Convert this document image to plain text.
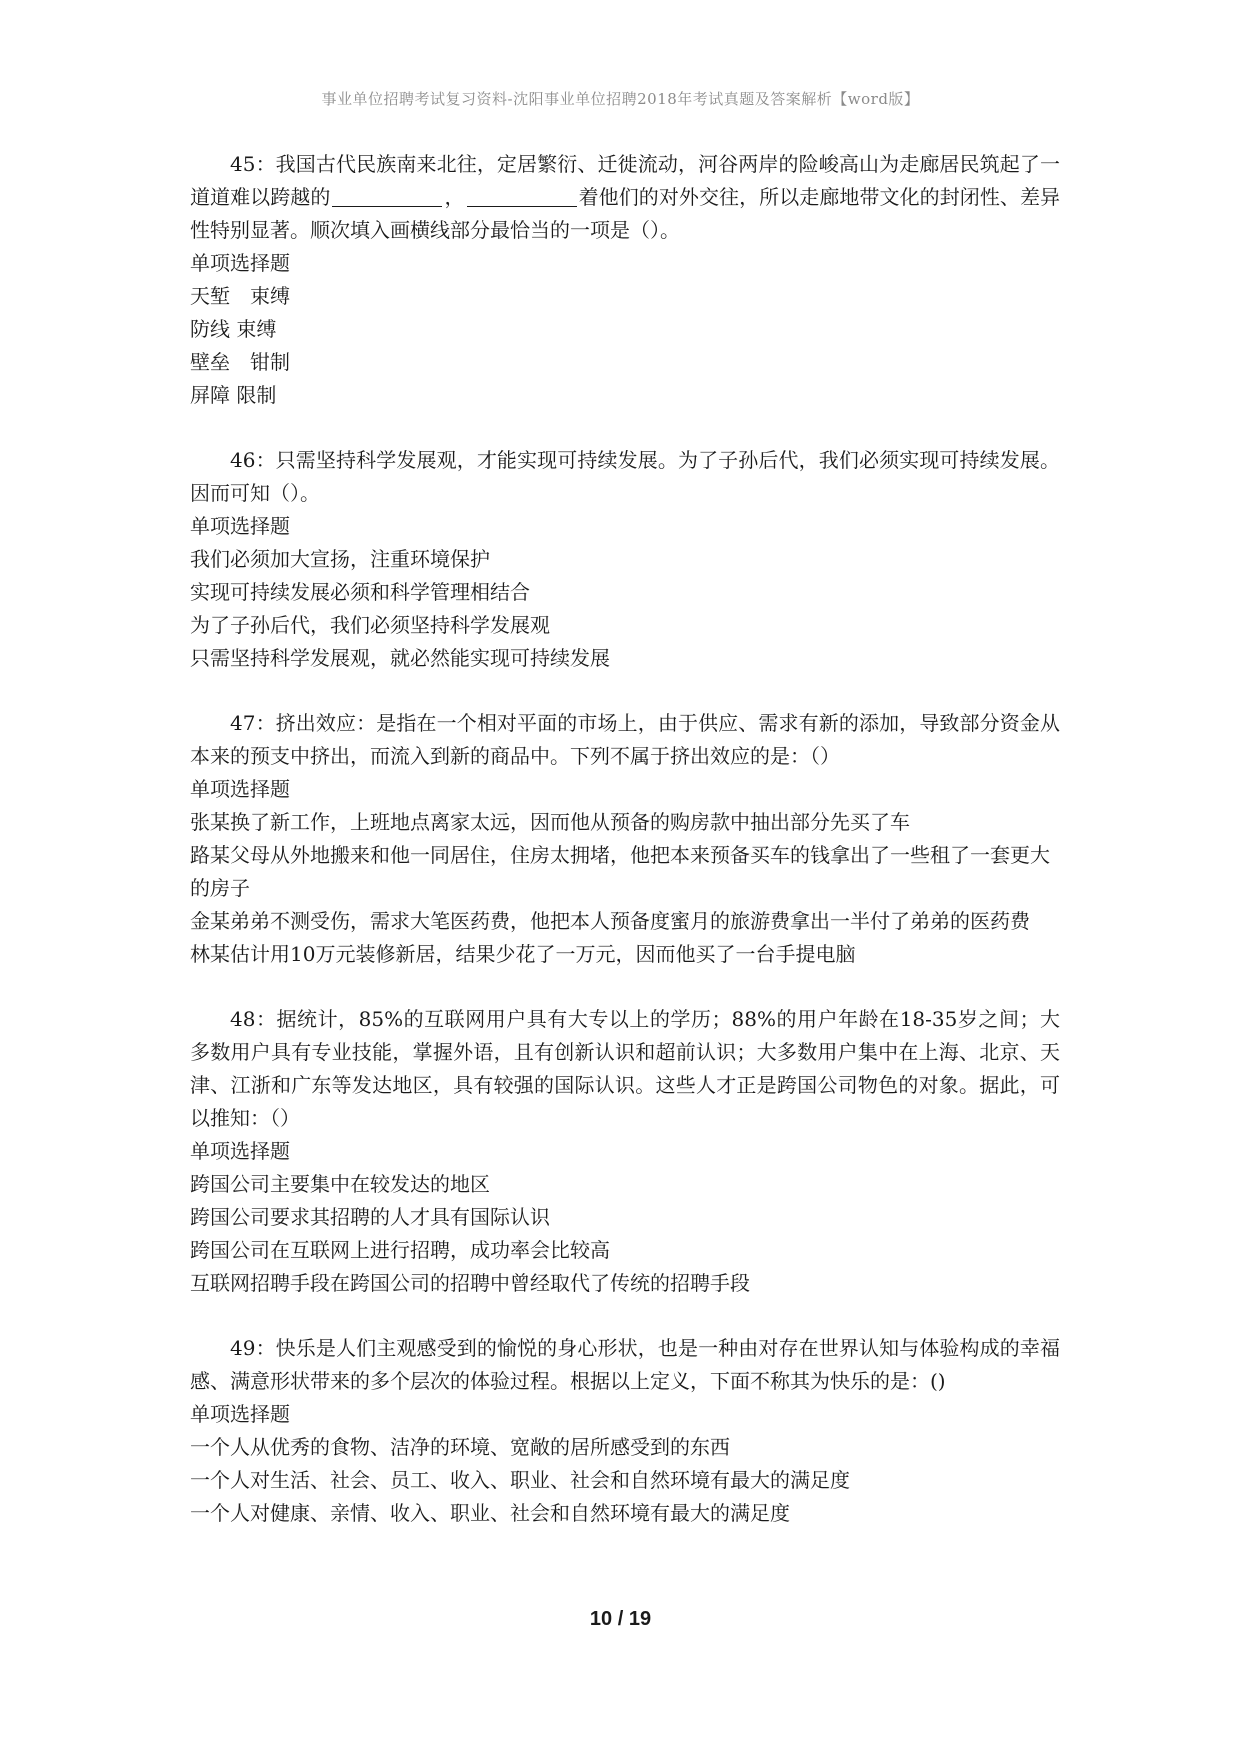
事业单位招聘考试复习资料-沈阳事业单位招聘2018年考试真题及答案解析【word版】

45：我国古代民族南来北往，定居繁衍、迁徙流动，河谷两岸的险峻高山为走廊居民筑起了一道道难以跨越的	，	着他们的对外交往，所以走廊地带文化的封闭性、差异性特别显著。顺次填入画横线部分最恰当的一项是（）。

单项选择题

天堑　束缚

防线 束缚

壁垒　钳制

屏障 限制

46：只需坚持科学发展观，才能实现可持续发展。为了子孙后代，我们必须实现可持续发展。因而可知（）。

单项选择题

我们必须加大宣扬，注重环境保护

实现可持续发展必须和科学管理相结合

为了子孙后代，我们必须坚持科学发展观

只需坚持科学发展观，就必然能实现可持续发展

47：挤出效应：是指在一个相对平面的市场上，由于供应、需求有新的添加，导致部分资金从本来的预支中挤出，而流入到新的商品中。下列不属于挤出效应的是：（）

单项选择题

张某换了新工作，上班地点离家太远，因而他从预备的购房款中抽出部分先买了车

路某父母从外地搬来和他一同居住，住房太拥堵，他把本来预备买车的钱拿出了一些租了一套更大的房子

金某弟弟不测受伤，需求大笔医药费，他把本人预备度蜜月的旅游费拿出一半付了弟弟的医药费

林某估计用10万元装修新居，结果少花了一万元，因而他买了一台手提电脑

48：据统计，85%的互联网用户具有大专以上的学历；88%的用户年龄在18-35岁之间；大多数用户具有专业技能，掌握外语，且有创新认识和超前认识；大多数用户集中在上海、北京、天津、江浙和广东等发达地区，具有较强的国际认识。这些人才正是跨国公司物色的对象。据此，可以推知：（）

单项选择题

跨国公司主要集中在较发达的地区

跨国公司要求其招聘的人才具有国际认识

跨国公司在互联网上进行招聘，成功率会比较高

互联网招聘手段在跨国公司的招聘中曾经取代了传统的招聘手段

49：快乐是人们主观感受到的愉悦的身心形状，也是一种由对存在世界认知与体验构成的幸福感、满意形状带来的多个层次的体验过程。根据以上定义，下面不称其为快乐的是：()

单项选择题

一个人从优秀的食物、洁净的环境、宽敞的居所感受到的东西

一个人对生活、社会、员工、收入、职业、社会和自然环境有最大的满足度

一个人对健康、亲情、收入、职业、社会和自然环境有最大的满足度

10 / 19
